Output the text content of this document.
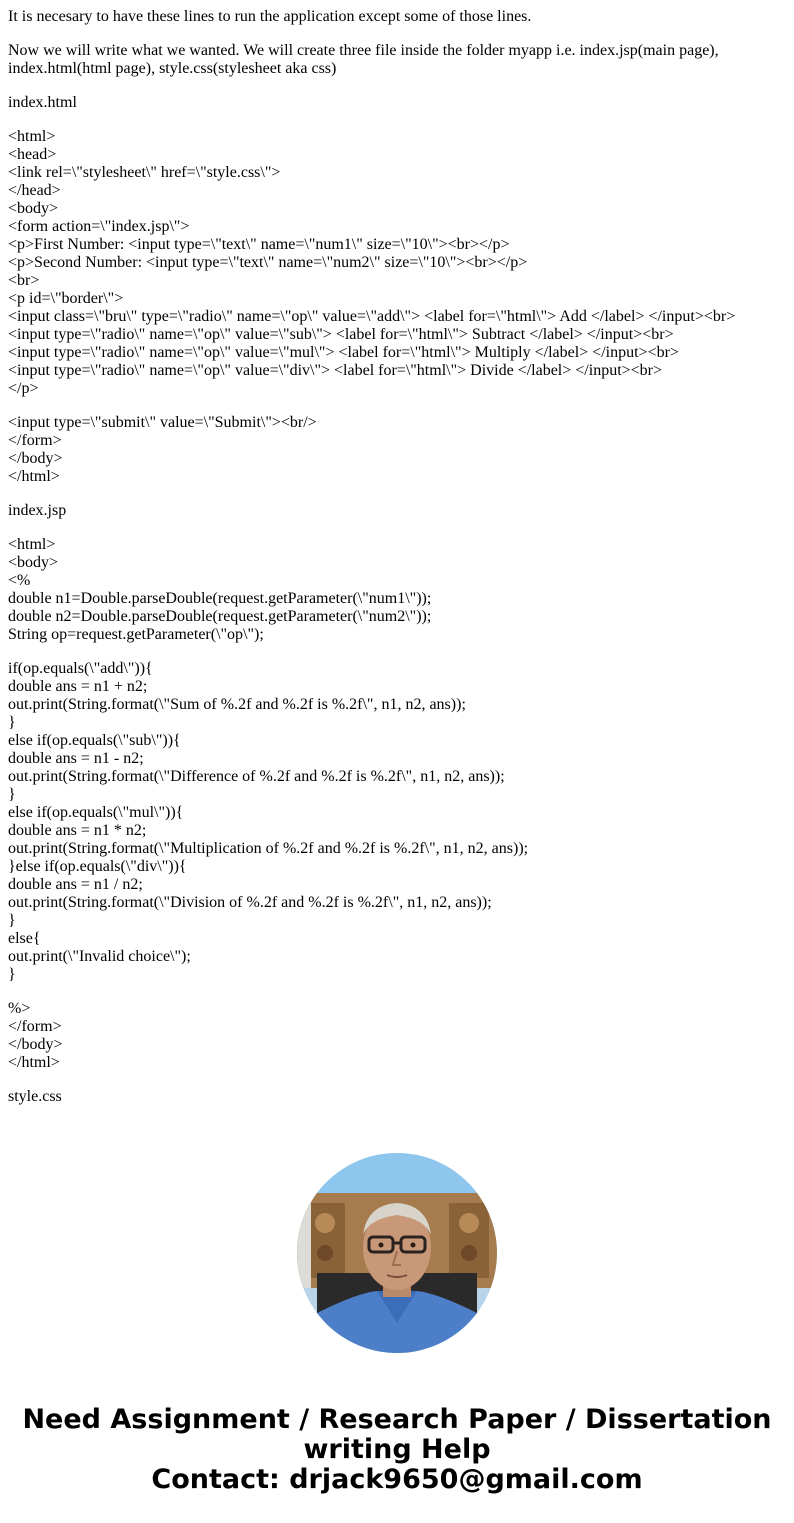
It is necesary to have these lines to run the application except some of those lines.

Now we will write what we wanted. We will create three file inside the folder myapp i.e. index.jsp(main page), index.html(html page), style.css(stylesheet aka css)

index.html

<html>
<head>
<link rel=\"stylesheet\" href=\"style.css\">
</head>
<body>
<form action=\"index.jsp\">
<p>First Number: <input type=\"text\" name=\"num1\" size=\"10\"><br></p>
<p>Second Number: <input type=\"text\" name=\"num2\" size=\"10\"><br></p>
<br>
<p id=\"border\">
<input class=\"bru\" type=\"radio\" name=\"op\" value=\"add\"> <label for=\"html\"> Add </label> </input><br>
<input type=\"radio\" name=\"op\" value=\"sub\"> <label for=\"html\"> Subtract </label> </input><br>
<input type=\"radio\" name=\"op\" value=\"mul\"> <label for=\"html\"> Multiply </label> </input><br>
<input type=\"radio\" name=\"op\" value=\"div\"> <label for=\"html\"> Divide </label> </input><br>
</p>
<input type=\"submit\" value=\"Submit\"><br/>
</form>
</body>
</html>

index.jsp

<html>
<body>
<%
double n1=Double.parseDouble(request.getParameter(\"num1\"));
double n2=Double.parseDouble(request.getParameter(\"num2\"));
String op=request.getParameter(\"op\");
if(op.equals(\"add\")){
double ans = n1 + n2;
out.print(String.format(\"Sum of %.2f and %.2f is %.2f\", n1, n2, ans));
}
else if(op.equals(\"sub\")){
double ans = n1 - n2;
out.print(String.format(\"Difference of %.2f and %.2f is %.2f\", n1, n2, ans));
}
else if(op.equals(\"mul\")){
double ans = n1 * n2;
out.print(String.format(\"Multiplication of %.2f and %.2f is %.2f\", n1, n2, ans));
}else if(op.equals(\"div\")){
double ans = n1 / n2;
out.print(String.format(\"Division of %.2f and %.2f is %.2f\", n1, n2, ans));
}
else{
out.print(\"Invalid choice\");
}
%>
</form>
</body>
</html>

style.css

Need Assignment / Research Paper / Dissertation
writing Help
Contact: drjack9650@gmail.com
